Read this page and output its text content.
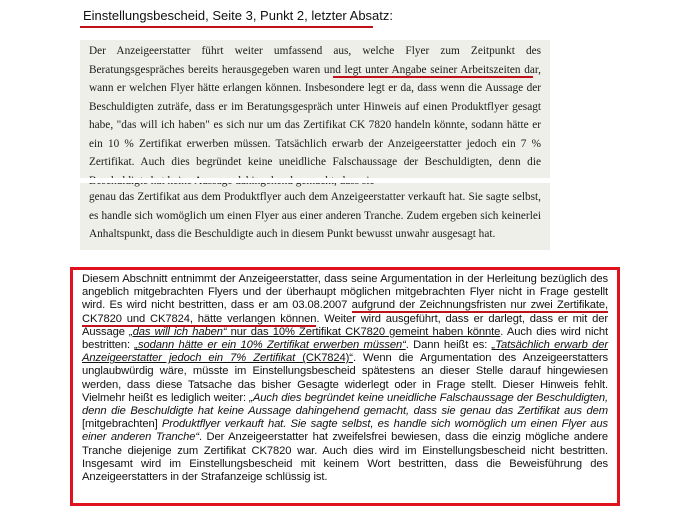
Einstellungsbescheid, Seite 3, Punkt 2, letzter Absatz:
Der Anzeigeerstatter führt weiter umfassend aus, welche Flyer zum Zeitpunkt des Beratungsgespräches bereits herausgegeben waren und legt unter Angabe seiner Arbeitszeiten dar, wann er welchen Flyer hätte erlangen können. Insbesondere legt er da, dass wenn die Aussage der Beschuldigten zuträfe, dass er im Beratungsgespräch unter Hinweis auf einen Produktflyer gesagt habe, "das will ich haben" es sich nur um das Zertifikat CK 7820 handeln könnte, sodann hätte er ein 10 % Zertifikat erwerben müssen. Tatsächlich erwarb der Anzeigeerstatter jedoch ein 7 % Zertifikat. Auch dies begründet keine uneidliche Falschaussage der Beschuldigten, denn die
genau das Zertifikat aus dem Produktflyer auch dem Anzeigeerstatter verkauft hat. Sie sagte selbst, es handle sich womöglich um einen Flyer aus einer anderen Tranche. Zudem ergeben sich keinerlei Anhaltspunkt, dass die Beschuldigte auch in diesem Punkt bewusst unwahr ausgesagt hat.
Diesem Abschnitt entnimmt der Anzeigeerstatter, dass seine Argumentation in der Herleitung bezüglich des angeblich mitgebrachten Flyers und der überhaupt möglichen mitgebrachten Flyer nicht in Frage gestellt wird. Es wird nicht bestritten, dass er am 03.08.2007 aufgrund der Zeichnungsfristen nur zwei Zertifikate, CK7820 und CK7824, hätte verlangen können. Weiter wird ausgeführt, dass er darlegt, dass er mit der Aussage „das will ich haben“ nur das 10% Zertifikat CK7820 gemeint haben könnte. Auch dies wird nicht bestritten: „sodann hätte er ein 10% Zertifikat erwerben müssen“. Dann heißt es: „Tatsächlich erwarb der Anzeigeerstatter jedoch ein 7% Zertifikat (CK7824)“. Wenn die Argumentation des Anzeigeerstatters unglaubwürdig wäre, müsste im Einstellungsbescheid spätestens an dieser Stelle darauf hingewiesen werden, dass diese Tatsache das bisher Gesagte widerlegt oder in Frage stellt. Dieser Hinweis fehlt. Vielmehr heißt es lediglich weiter: „Auch dies begründet keine uneidliche Falschaussage der Beschuldigten, denn die Beschuldigte hat keine Aussage dahingehend gemacht, dass sie genau das Zertifikat aus dem [mitgebrachten] Produktflyer verkauft hat. Sie sagte selbst, es handle sich womöglich um einen Flyer aus einer anderen Tranche“. Der Anzeigeerstatter hat zweifelsfrei bewiesen, dass die einzig mögliche andere Tranche diejenige zum Zertifikat CK7820 war. Auch dies wird im Einstellungsbescheid nicht bestritten. Insgesamt wird im Einstellungsbescheid mit keinem Wort bestritten, dass die Beweisführung des Anzeigeerstatters in der Strafanzeige schlüssig ist.
